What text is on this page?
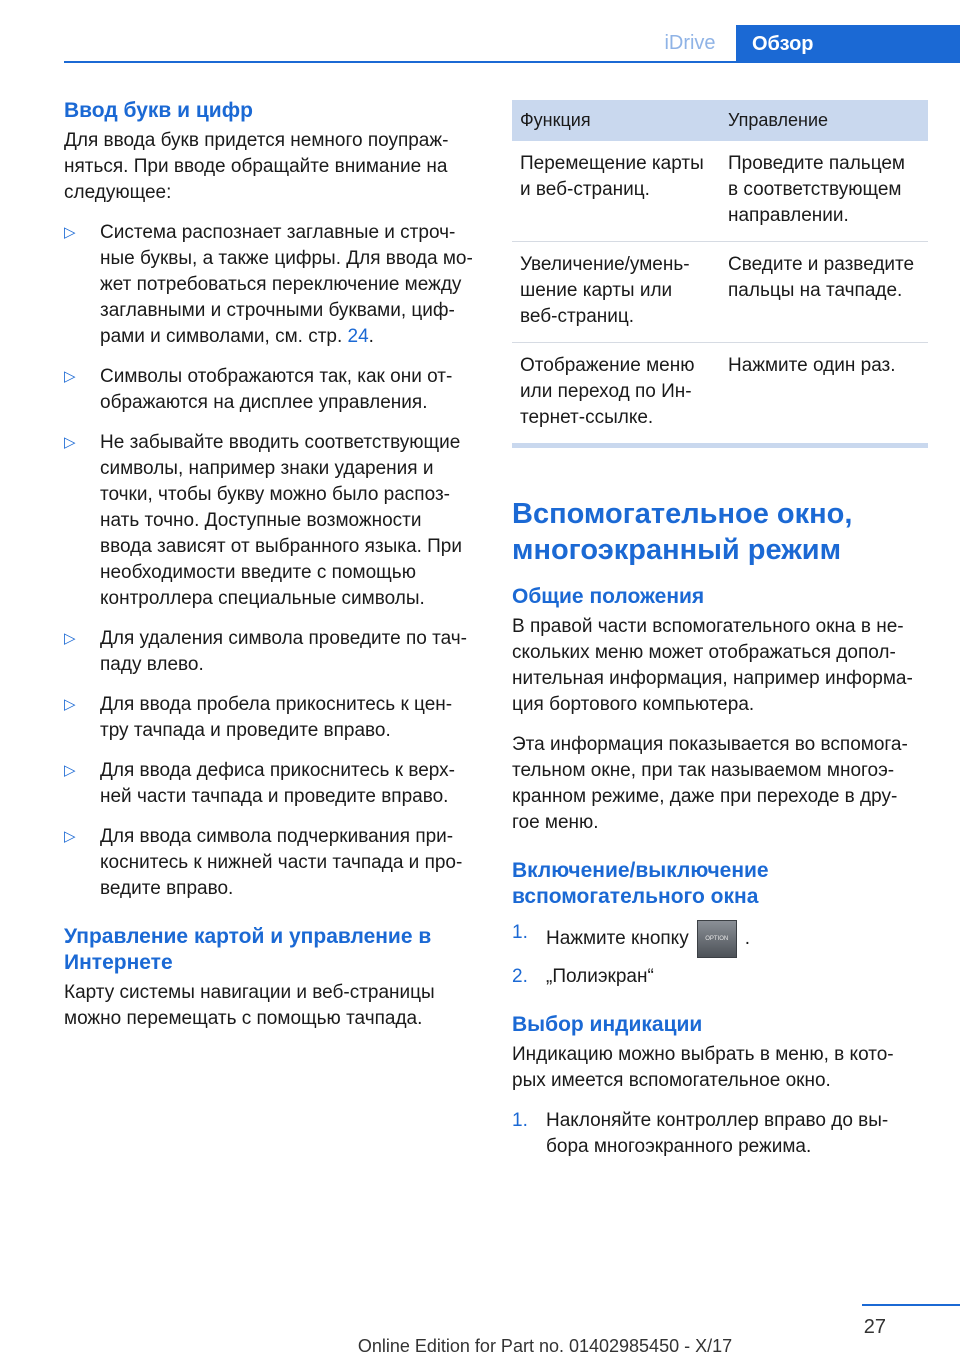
iDrive	Обзор
Ввод букв и цифр

Для ввода букв придется немного поупраж-
няться. При вводе обращайте внимание на
следующее:

▷ Система распознает заглавные и строч-
ные буквы, а также цифры. Для ввода мо-
жет потребоваться переключение между
заглавными и строчными буквами, циф-
рами и символами, см. стр. 24.
▷ Символы отображаются так, как они от-
ображаются на дисплее управления.
▷ Не забывайте вводить соответствующие
символы, например знаки ударения и
точки, чтобы букву можно было распоз-
нать точно. Доступные возможности
ввода зависят от выбранного языка. При
необходимости введите с помощью
контроллера специальные символы.
▷ Для удаления символа проведите по тач-
паду влево.
▷ Для ввода пробела прикоснитесь к цен-
тру тачпада и проведите вправо.
▷ Для ввода дефиса прикоснитесь к верх-
ней части тачпада и проведите вправо.
▷ Для ввода символа подчеркивания при-
коснитесь к нижней части тачпада и про-
ведите вправо.
Управление картой и управление в
Интернете

Карту системы навигации и веб-страницы
можно перемещать с помощью тачпада.

Функция	Управление
Перемещение карты
и веб-страниц.	Проведите пальцем
в соответствующем
направлении.
Увеличение/умень-
шение карты или
веб-страниц.	Сведите и разведите
пальцы на тачпаде.
Отображение меню
или переход по Ин-
тернет-ссылке.	Нажмите один раз.
Вспомогательное окно,
многоэкранный режим
Общие положения

В правой части вспомогательного окна в не-
скольких меню может отображаться допол-
нительная информация, например информа-
ция бортового компьютера.

Эта информация показывается во вспомога-
тельном окне, при так называемом многоэ-
кранном режиме, даже при переходе в дру-
гое меню.

Включение/выключение
вспомогательного окна
1. Нажмите кнопку	OPTION .
2. „Полиэкран“
Выбор индикации

Индикацию можно выбрать в меню, в кото-
рых имеется вспомогательное окно.

1. Наклоняйте контроллер вправо до вы-
бора многоэкранного режима.
27
Online Edition for Part no. 01402985450 - X/17
